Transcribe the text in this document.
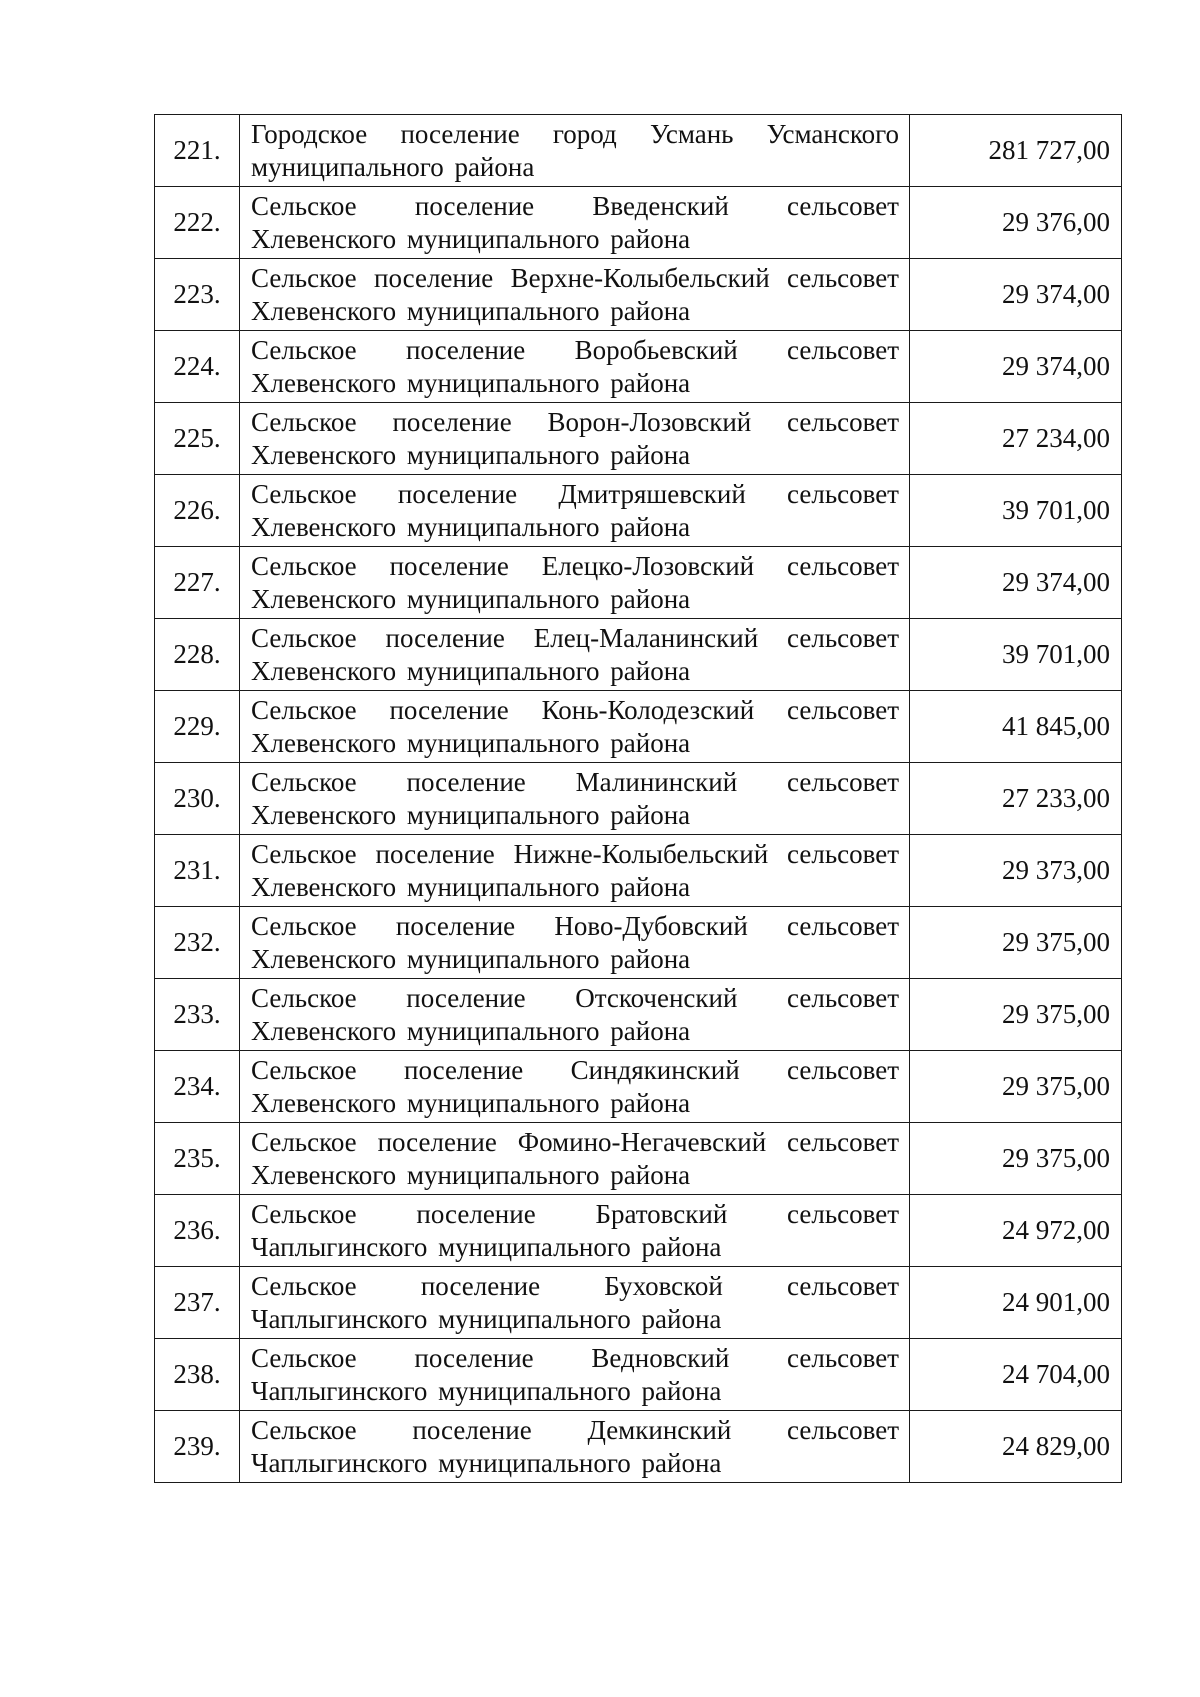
221.	Городское поселение город Усмань Усманского муниципального района	281 727,00
222.	Сельское поселение Введенский сельсовет Хлевенского муниципального района	29 376,00
223.	Сельское поселение Верхне-Колыбельский сельсовет Хлевенского муниципального района	29 374,00
224.	Сельское поселение Воробьевский сельсовет Хлевенского муниципального района	29 374,00
225.	Сельское поселение Ворон-Лозовский сельсовет Хлевенского муниципального района	27 234,00
226.	Сельское поселение Дмитряшевский сельсовет Хлевенского муниципального района	39 701,00
227.	Сельское поселение Елецко-Лозовский сельсовет Хлевенского муниципального района	29 374,00
228.	Сельское поселение Елец-Маланинский сельсовет Хлевенского муниципального района	39 701,00
229.	Сельское поселение Конь-Колодезский сельсовет Хлевенского муниципального района	41 845,00
230.	Сельское поселение Малининский сельсовет Хлевенского муниципального района	27 233,00
231.	Сельское поселение Нижне-Колыбельский сельсовет Хлевенского муниципального района	29 373,00
232.	Сельское поселение Ново-Дубовский сельсовет Хлевенского муниципального района	29 375,00
233.	Сельское поселение Отскоченский сельсовет Хлевенского муниципального района	29 375,00
234.	Сельское поселение Синдякинский сельсовет Хлевенского муниципального района	29 375,00
235.	Сельское поселение Фомино-Негачевский сельсовет Хлевенского муниципального района	29 375,00
236.	Сельское поселение Братовский сельсовет Чаплыгинского муниципального района	24 972,00
237.	Сельское поселение Буховской сельсовет Чаплыгинского муниципального района	24 901,00
238.	Сельское поселение Ведновский сельсовет Чаплыгинского муниципального района	24 704,00
239.	Сельское поселение Демкинский сельсовет Чаплыгинского муниципального района	24 829,00
